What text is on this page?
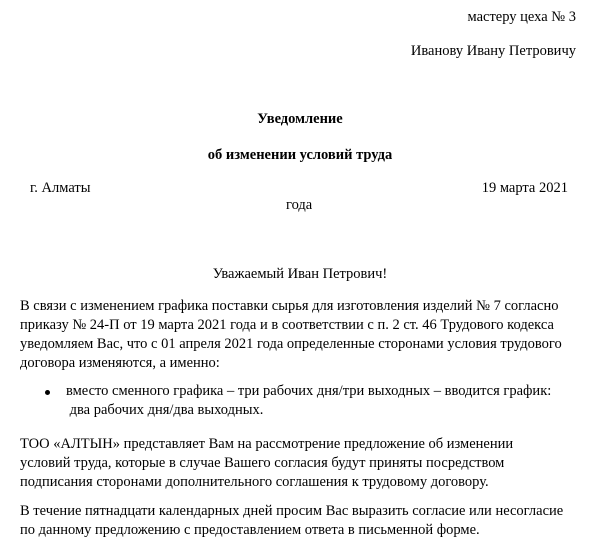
мастеру цеха № 3
Иванову Ивану Петровичу
Уведомление
об изменении условий труда
г. Алматы	19 марта 2021
года
Уважаемый Иван Петрович!
В связи с изменением графика поставки сырья для изготовления изделий № 7 согласно
приказу № 24-П от 19 марта 2021 года и в соответствии с п. 2 ст. 46 Трудового кодекса
уведомляем Вас, что с 01 апреля 2021 года определенные сторонами условия трудового
договора изменяются, а именно:
вместо сменного графика – три рабочих дня/три выходных – вводится график:
два рабочих дня/два выходных.
ТОО «АЛТЫН» представляет Вам на рассмотрение предложение об изменении
условий труда, которые в случае Вашего согласия будут приняты посредством
подписания сторонами дополнительного соглашения к трудовому договору.
В течение пятнадцати календарных дней просим Вас выразить согласие или несогласие
по данному предложению с предоставлением ответа в письменной форме.
